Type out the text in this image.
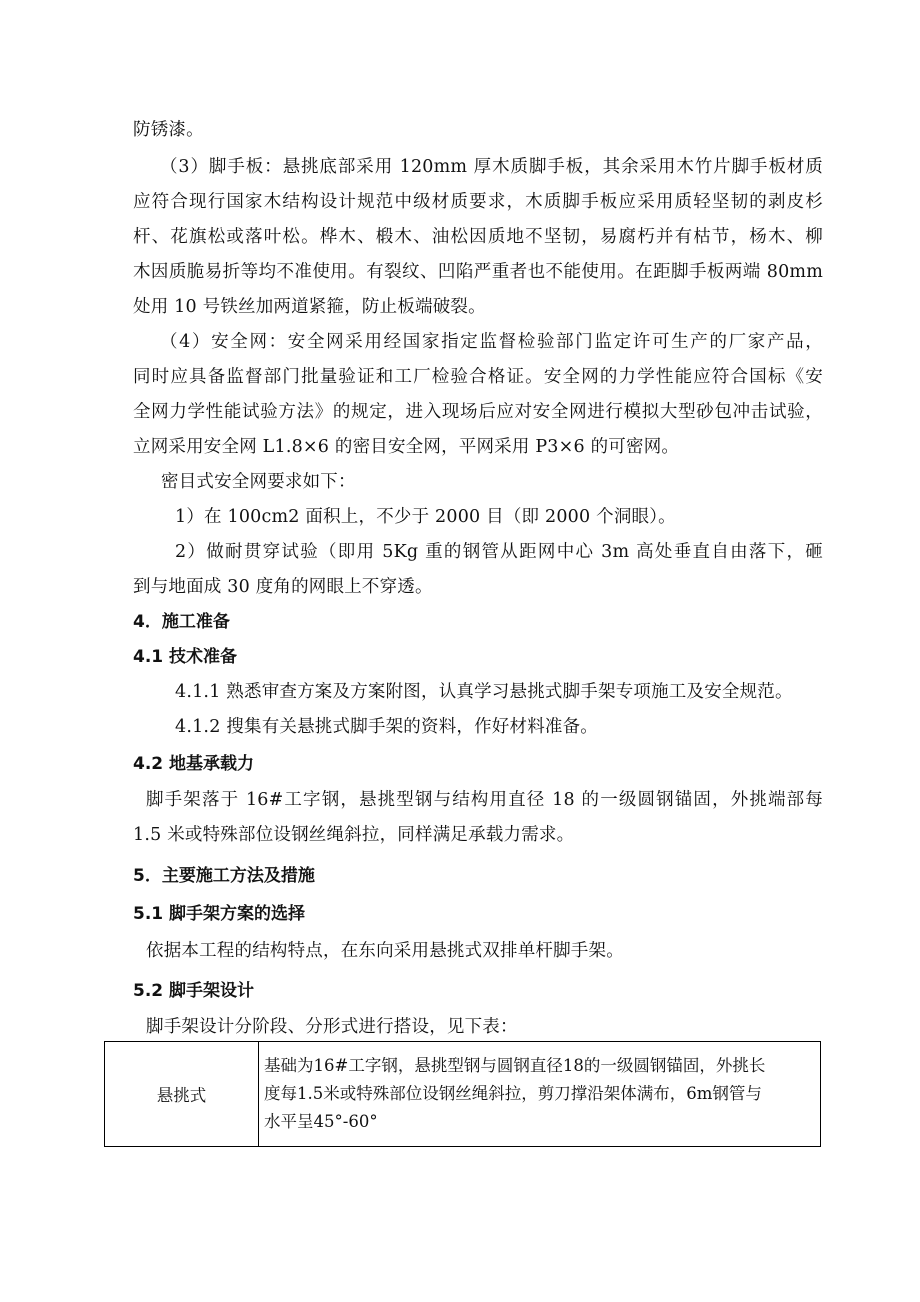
防锈漆。
（3）脚手板：悬挑底部采用 120mm 厚木质脚手板，其余采用木竹片脚手板材质
应符合现行国家木结构设计规范中级材质要求，木质脚手板应采用质轻坚韧的剥皮杉
杆、花旗松或落叶松。桦木、椴木、油松因质地不坚韧，易腐朽并有枯节，杨木、柳
木因质脆易折等均不准使用。有裂纹、凹陷严重者也不能使用。在距脚手板两端 80mm
处用 10 号铁丝加两道紧箍，防止板端破裂。
（4）安全网：安全网采用经国家指定监督检验部门监定许可生产的厂家产品，
同时应具备监督部门批量验证和工厂检验合格证。安全网的力学性能应符合国标《安
全网力学性能试验方法》的规定，进入现场后应对安全网进行模拟大型砂包冲击试验，
立网采用安全网 L1.8×6 的密目安全网，平网采用 P3×6 的可密网。
密目式安全网要求如下：
1）在 100cm2 面积上，不少于 2000 目（即 2000 个洞眼）。
2）做耐贯穿试验（即用 5Kg 重的钢管从距网中心 3m 高处垂直自由落下，砸
到与地面成 30 度角的网眼上不穿透。
4．施工准备
4.1 技术准备
4.1.1 熟悉审查方案及方案附图，认真学习悬挑式脚手架专项施工及安全规范。
4.1.2 搜集有关悬挑式脚手架的资料，作好材料准备。
4.2 地基承载力
脚手架落于 16#工字钢，悬挑型钢与结构用直径 18 的一级圆钢锚固，外挑端部每
1.5 米或特殊部位设钢丝绳斜拉，同样满足承载力需求。
5．主要施工方法及措施
5.1 脚手架方案的选择
依据本工程的结构特点，在东向采用悬挑式双排单杆脚手架。
5.2 脚手架设计
脚手架设计分阶段、分形式进行搭设，见下表：
悬挑式	
基础为16#工字钢，悬挑型钢与圆钢直径18的一级圆钢锚固，外挑长
度每1.5米或特殊部位设钢丝绳斜拉，剪刀撑沿架体满布，6m钢管与
水平呈45°-60°
